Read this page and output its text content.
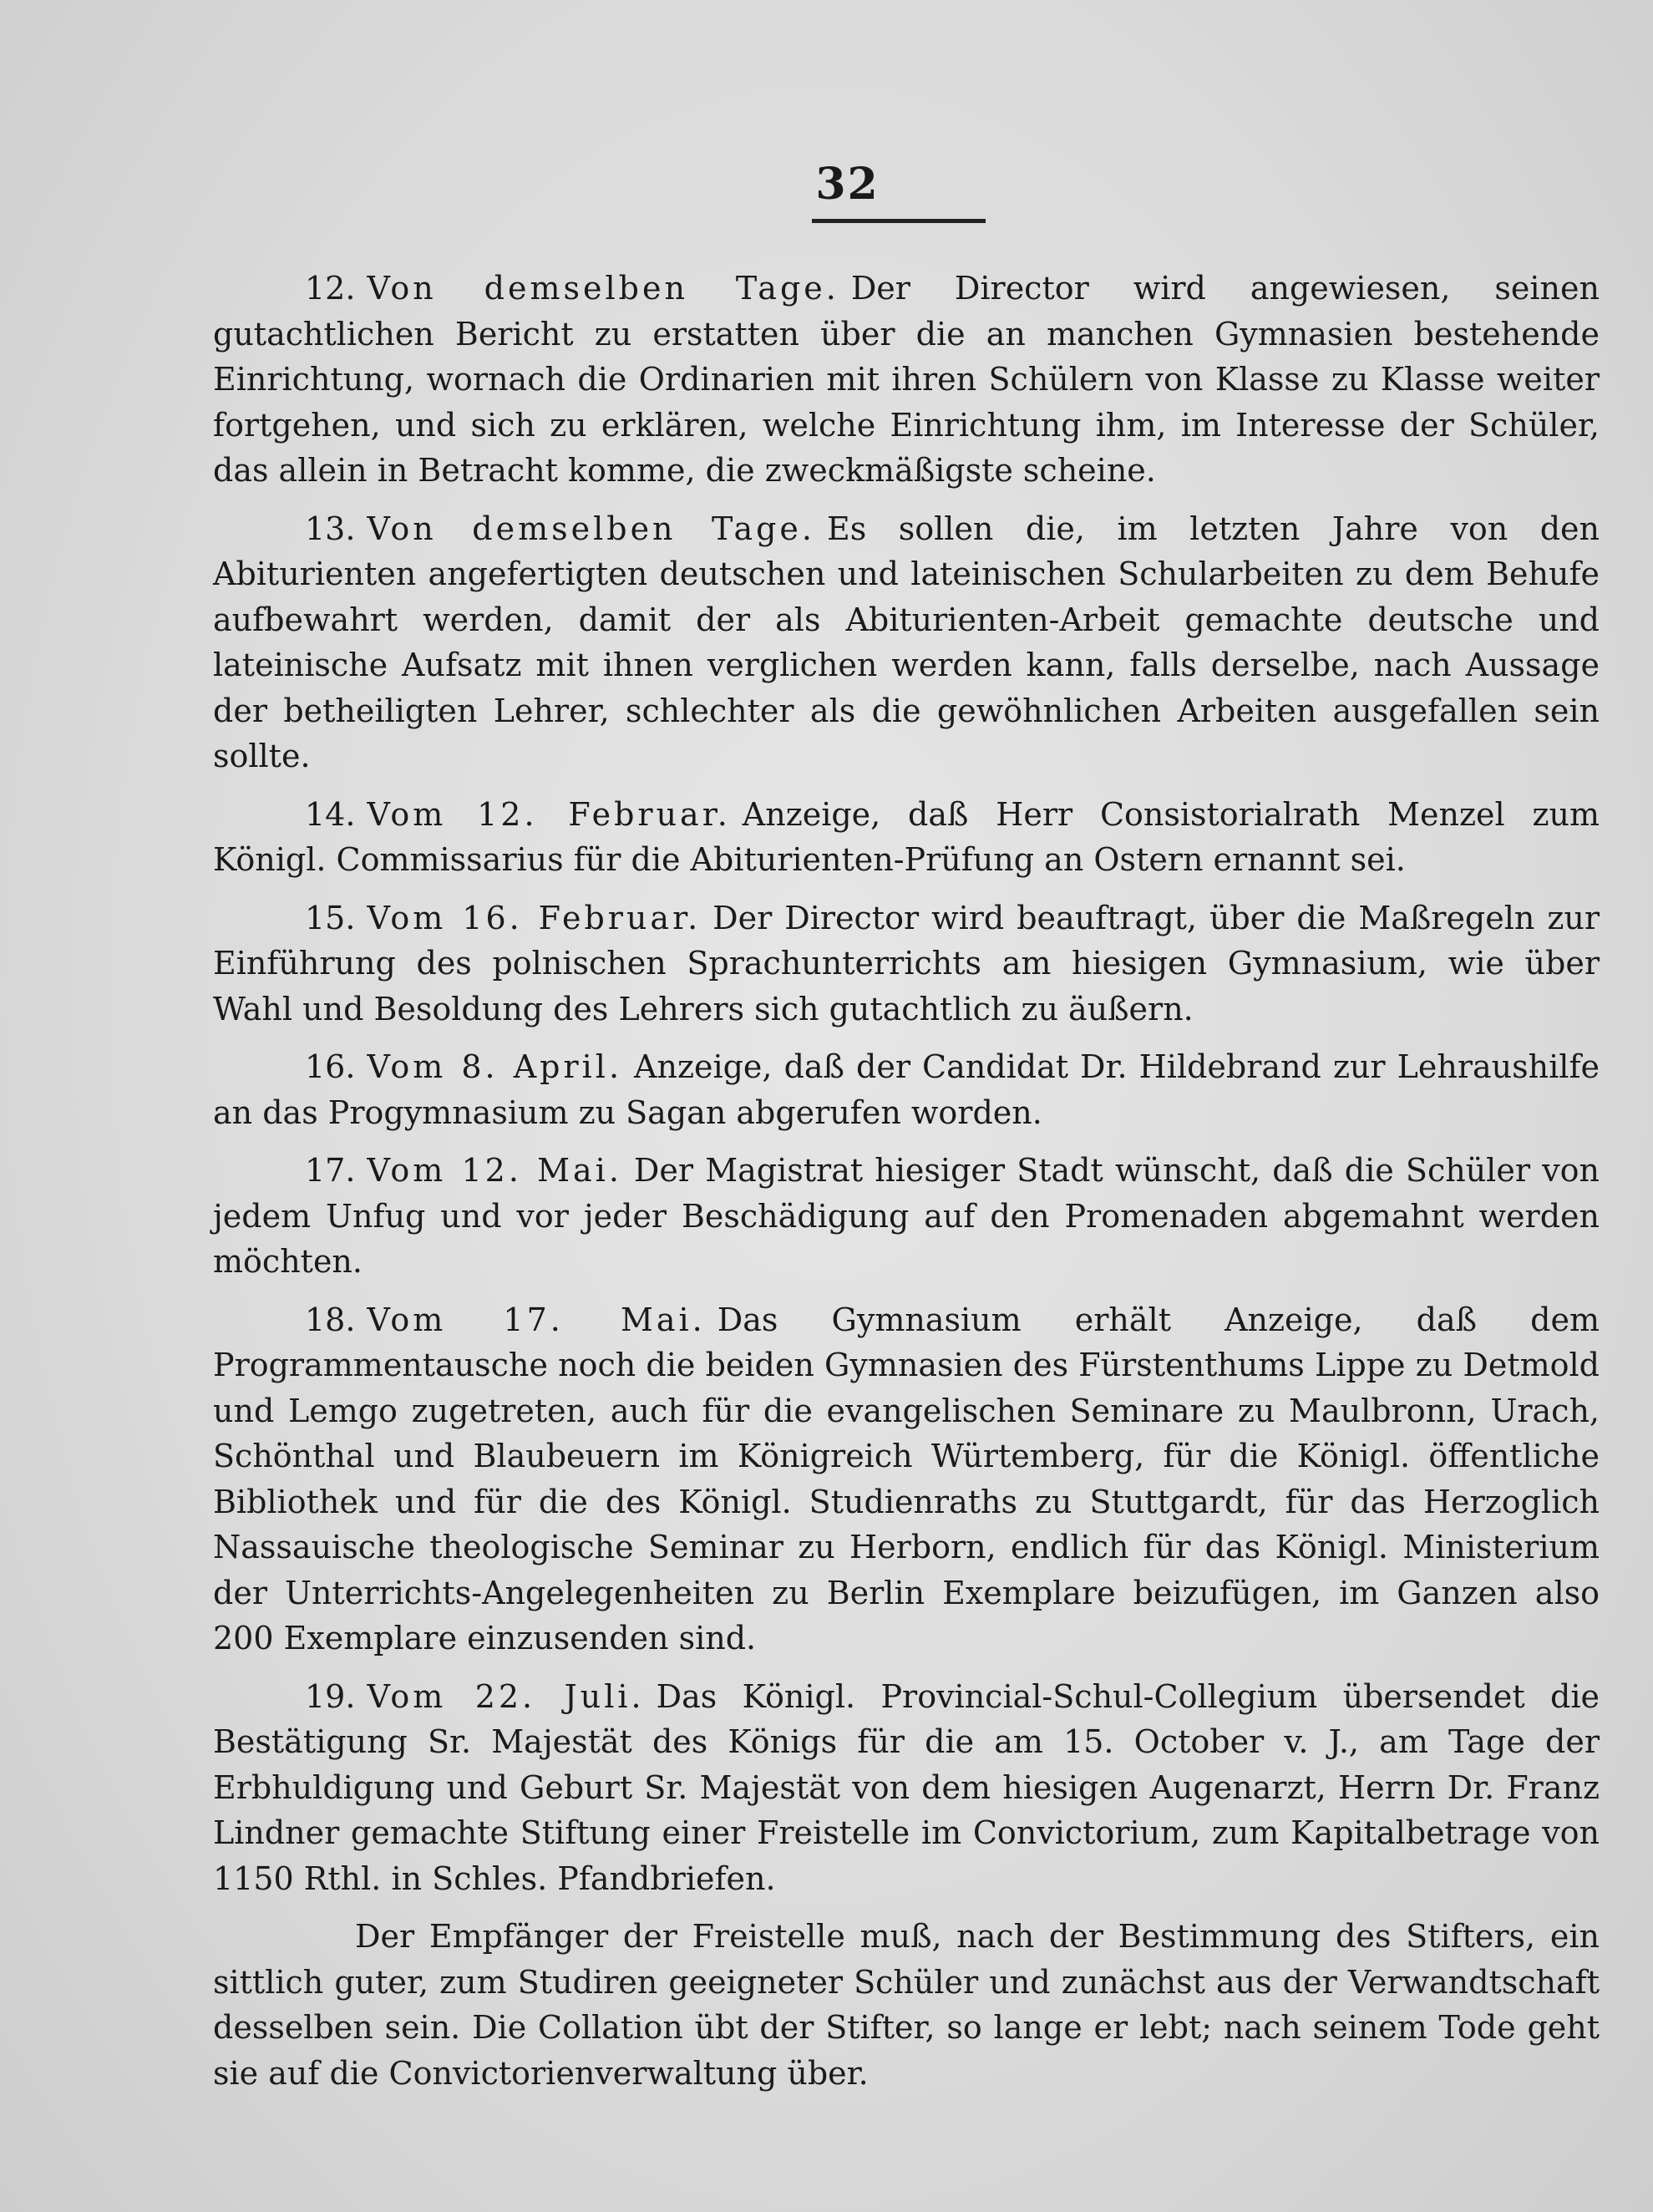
32

12. Von demselben Tage. Der Director wird angewiesen, seinen gutachtlichen Bericht zu erstatten über die an manchen Gymnasien bestehende Einrichtung, wornach die Ordinarien mit ihren Schülern von Klasse zu Klasse weiter fortgehen, und sich zu erklären, welche Einrichtung ihm, im Interesse der Schüler, das allein in Betracht komme, die zweckmäßigste scheine.

13. Von demselben Tage. Es sollen die, im letzten Jahre von den Abiturienten angefertigten deutschen und lateinischen Schularbeiten zu dem Behufe aufbewahrt werden, damit der als Abiturienten-Arbeit gemachte deutsche und lateinische Aufsatz mit ihnen verglichen werden kann, falls derselbe, nach Aussage der betheiligten Lehrer, schlechter als die gewöhnlichen Arbeiten ausgefallen sein sollte.

14. Vom 12. Februar. Anzeige, daß Herr Consistorialrath Menzel zum Königl. Commissarius für die Abiturienten-Prüfung an Ostern ernannt sei.

15. Vom 16. Februar. Der Director wird beauftragt, über die Maßregeln zur Einführung des polnischen Sprachunterrichts am hiesigen Gymnasium, wie über Wahl und Besoldung des Lehrers sich gutachtlich zu äußern.

16. Vom 8. April. Anzeige, daß der Candidat Dr. Hildebrand zur Lehraushilfe an das Progymnasium zu Sagan abgerufen worden.

17. Vom 12. Mai. Der Magistrat hiesiger Stadt wünscht, daß die Schüler von jedem Unfug und vor jeder Beschädigung auf den Promenaden abgemahnt werden möchten.

18. Vom 17. Mai. Das Gymnasium erhält Anzeige, daß dem Programmentausche noch die beiden Gymnasien des Fürstenthums Lippe zu Detmold und Lemgo zugetreten, auch für die evangelischen Seminare zu Maulbronn, Urach, Schönthal und Blaubeuern im Königreich Würtemberg, für die Königl. öffentliche Bibliothek und für die des Königl. Studienraths zu Stuttgardt, für das Herzoglich Nassauische theologische Seminar zu Herborn, endlich für das Königl. Ministerium der Unterrichts-Angelegenheiten zu Berlin Exemplare beizufügen, im Ganzen also 200 Exemplare einzusenden sind.

19. Vom 22. Juli. Das Königl. Provincial-Schul-Collegium übersendet die Bestätigung Sr. Majestät des Königs für die am 15. October v. J., am Tage der Erbhuldigung und Geburt Sr. Majestät von dem hiesigen Augenarzt, Herrn Dr. Franz Lindner gemachte Stiftung einer Freistelle im Convictorium, zum Kapitalbetrage von 1150 Rthl. in Schles. Pfandbriefen.

Der Empfänger der Freistelle muß, nach der Bestimmung des Stifters, ein sittlich guter, zum Studiren geeigneter Schüler und zunächst aus der Verwandtschaft desselben sein. Die Collation übt der Stifter, so lange er lebt; nach seinem Tode geht sie auf die Convictorienverwaltung über.
